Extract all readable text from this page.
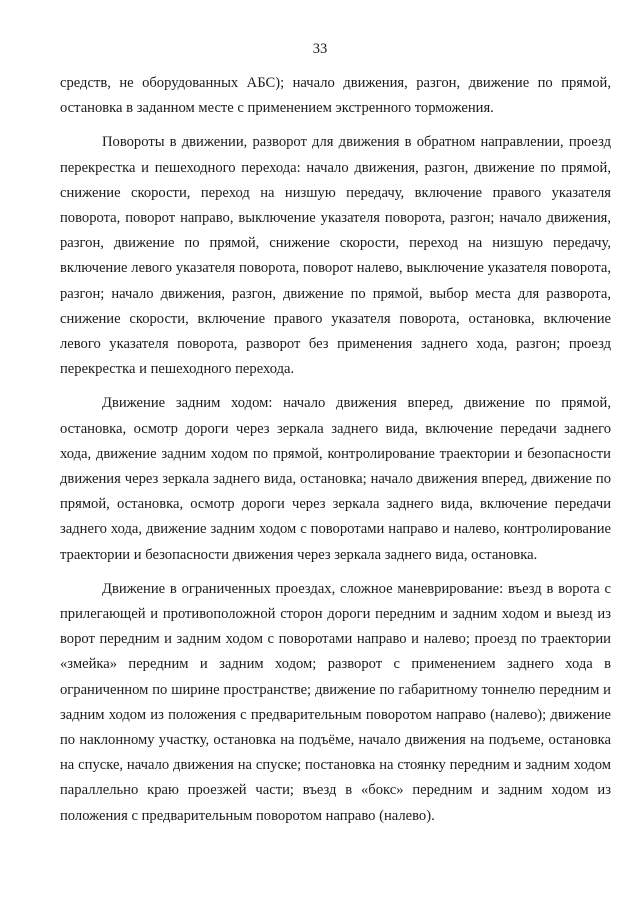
33

средств, не оборудованных АБС); начало движения, разгон, движение по прямой, остановка в заданном месте с применением экстренного торможения.

Повороты в движении, разворот для движения в обратном направлении, проезд перекрестка и пешеходного перехода: начало движения, разгон, движение по прямой, снижение скорости, переход на низшую передачу, включение правого указателя поворота, поворот направо, выключение указателя поворота, разгон; начало движения, разгон, движение по прямой, снижение скорости, переход на низшую передачу, включение левого указателя поворота, поворот налево, выключение указателя поворота, разгон; начало движения, разгон, движение по прямой, выбор места для разворота, снижение скорости, включение правого указателя поворота, остановка, включение левого указателя поворота, разворот без применения заднего хода, разгон; проезд перекрестка и пешеходного перехода.

Движение задним ходом: начало движения вперед, движение по прямой, остановка, осмотр дороги через зеркала заднего вида, включение передачи заднего хода, движение задним ходом по прямой, контролирование траектории и безопасности движения через зеркала заднего вида, остановка; начало движения вперед, движение по прямой, остановка, осмотр дороги через зеркала заднего вида, включение передачи заднего хода, движение задним ходом с поворотами направо и налево, контролирование траектории и безопасности движения через зеркала заднего вида, остановка.

Движение в ограниченных проездах, сложное маневрирование: въезд в ворота с прилегающей и противоположной сторон дороги передним и задним ходом и выезд из ворот передним и задним ходом с поворотами направо и налево; проезд по траектории «змейка» передним и задним ходом; разворот с применением заднего хода в ограниченном по ширине пространстве; движение по габаритному тоннелю передним и задним ходом из положения с предварительным поворотом направо (налево); движение по наклонному участку, остановка на подъёме, начало движения на подъеме, остановка на спуске, начало движения на спуске; постановка на стоянку передним и задним ходом параллельно краю проезжей части; въезд в «бокс» передним и задним ходом из положения с предварительным поворотом направо (налево).
